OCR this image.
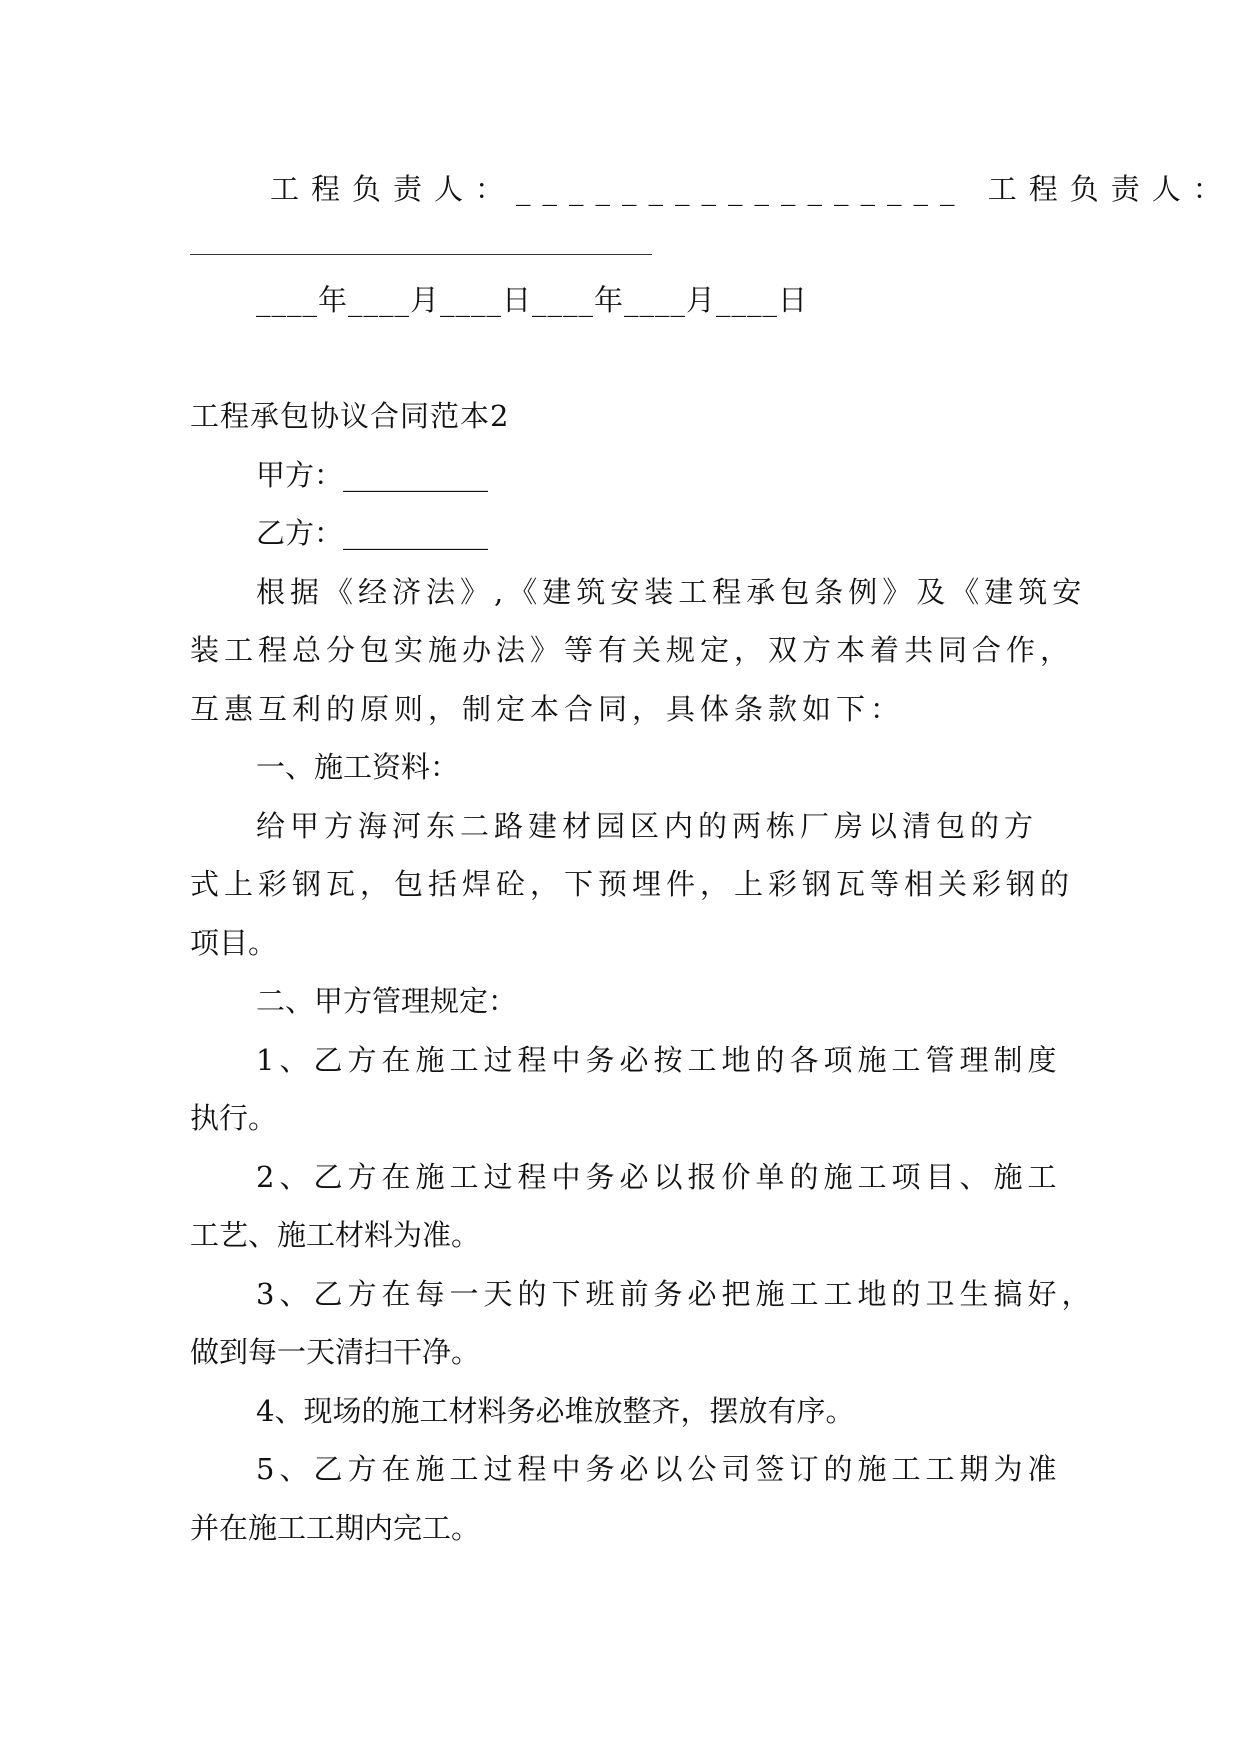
工程负责人：_________________ 工程负责人：
____年____月____日____年____月____日
工程承包协议合同范本2
甲方：__________
乙方：__________
根据《经济法》,《建筑安装工程承包条例》及《建筑安
装工程总分包实施办法》等有关规定，双方本着共同合作，
互惠互利的原则，制定本合同，具体条款如下：
一、施工资料：
给甲方海河东二路建材园区内的两栋厂房以清包的方
式上彩钢瓦，包括焊砼，下预埋件，上彩钢瓦等相关彩钢的
项目。
二、甲方管理规定：
1、乙方在施工过程中务必按工地的各项施工管理制度
执行。
2、乙方在施工过程中务必以报价单的施工项目、施工
工艺、施工材料为准。
3、乙方在每一天的下班前务必把施工工地的卫生搞好，
做到每一天清扫干净。
4、现场的施工材料务必堆放整齐，摆放有序。
5、乙方在施工过程中务必以公司签订的施工工期为准
并在施工工期内完工。
